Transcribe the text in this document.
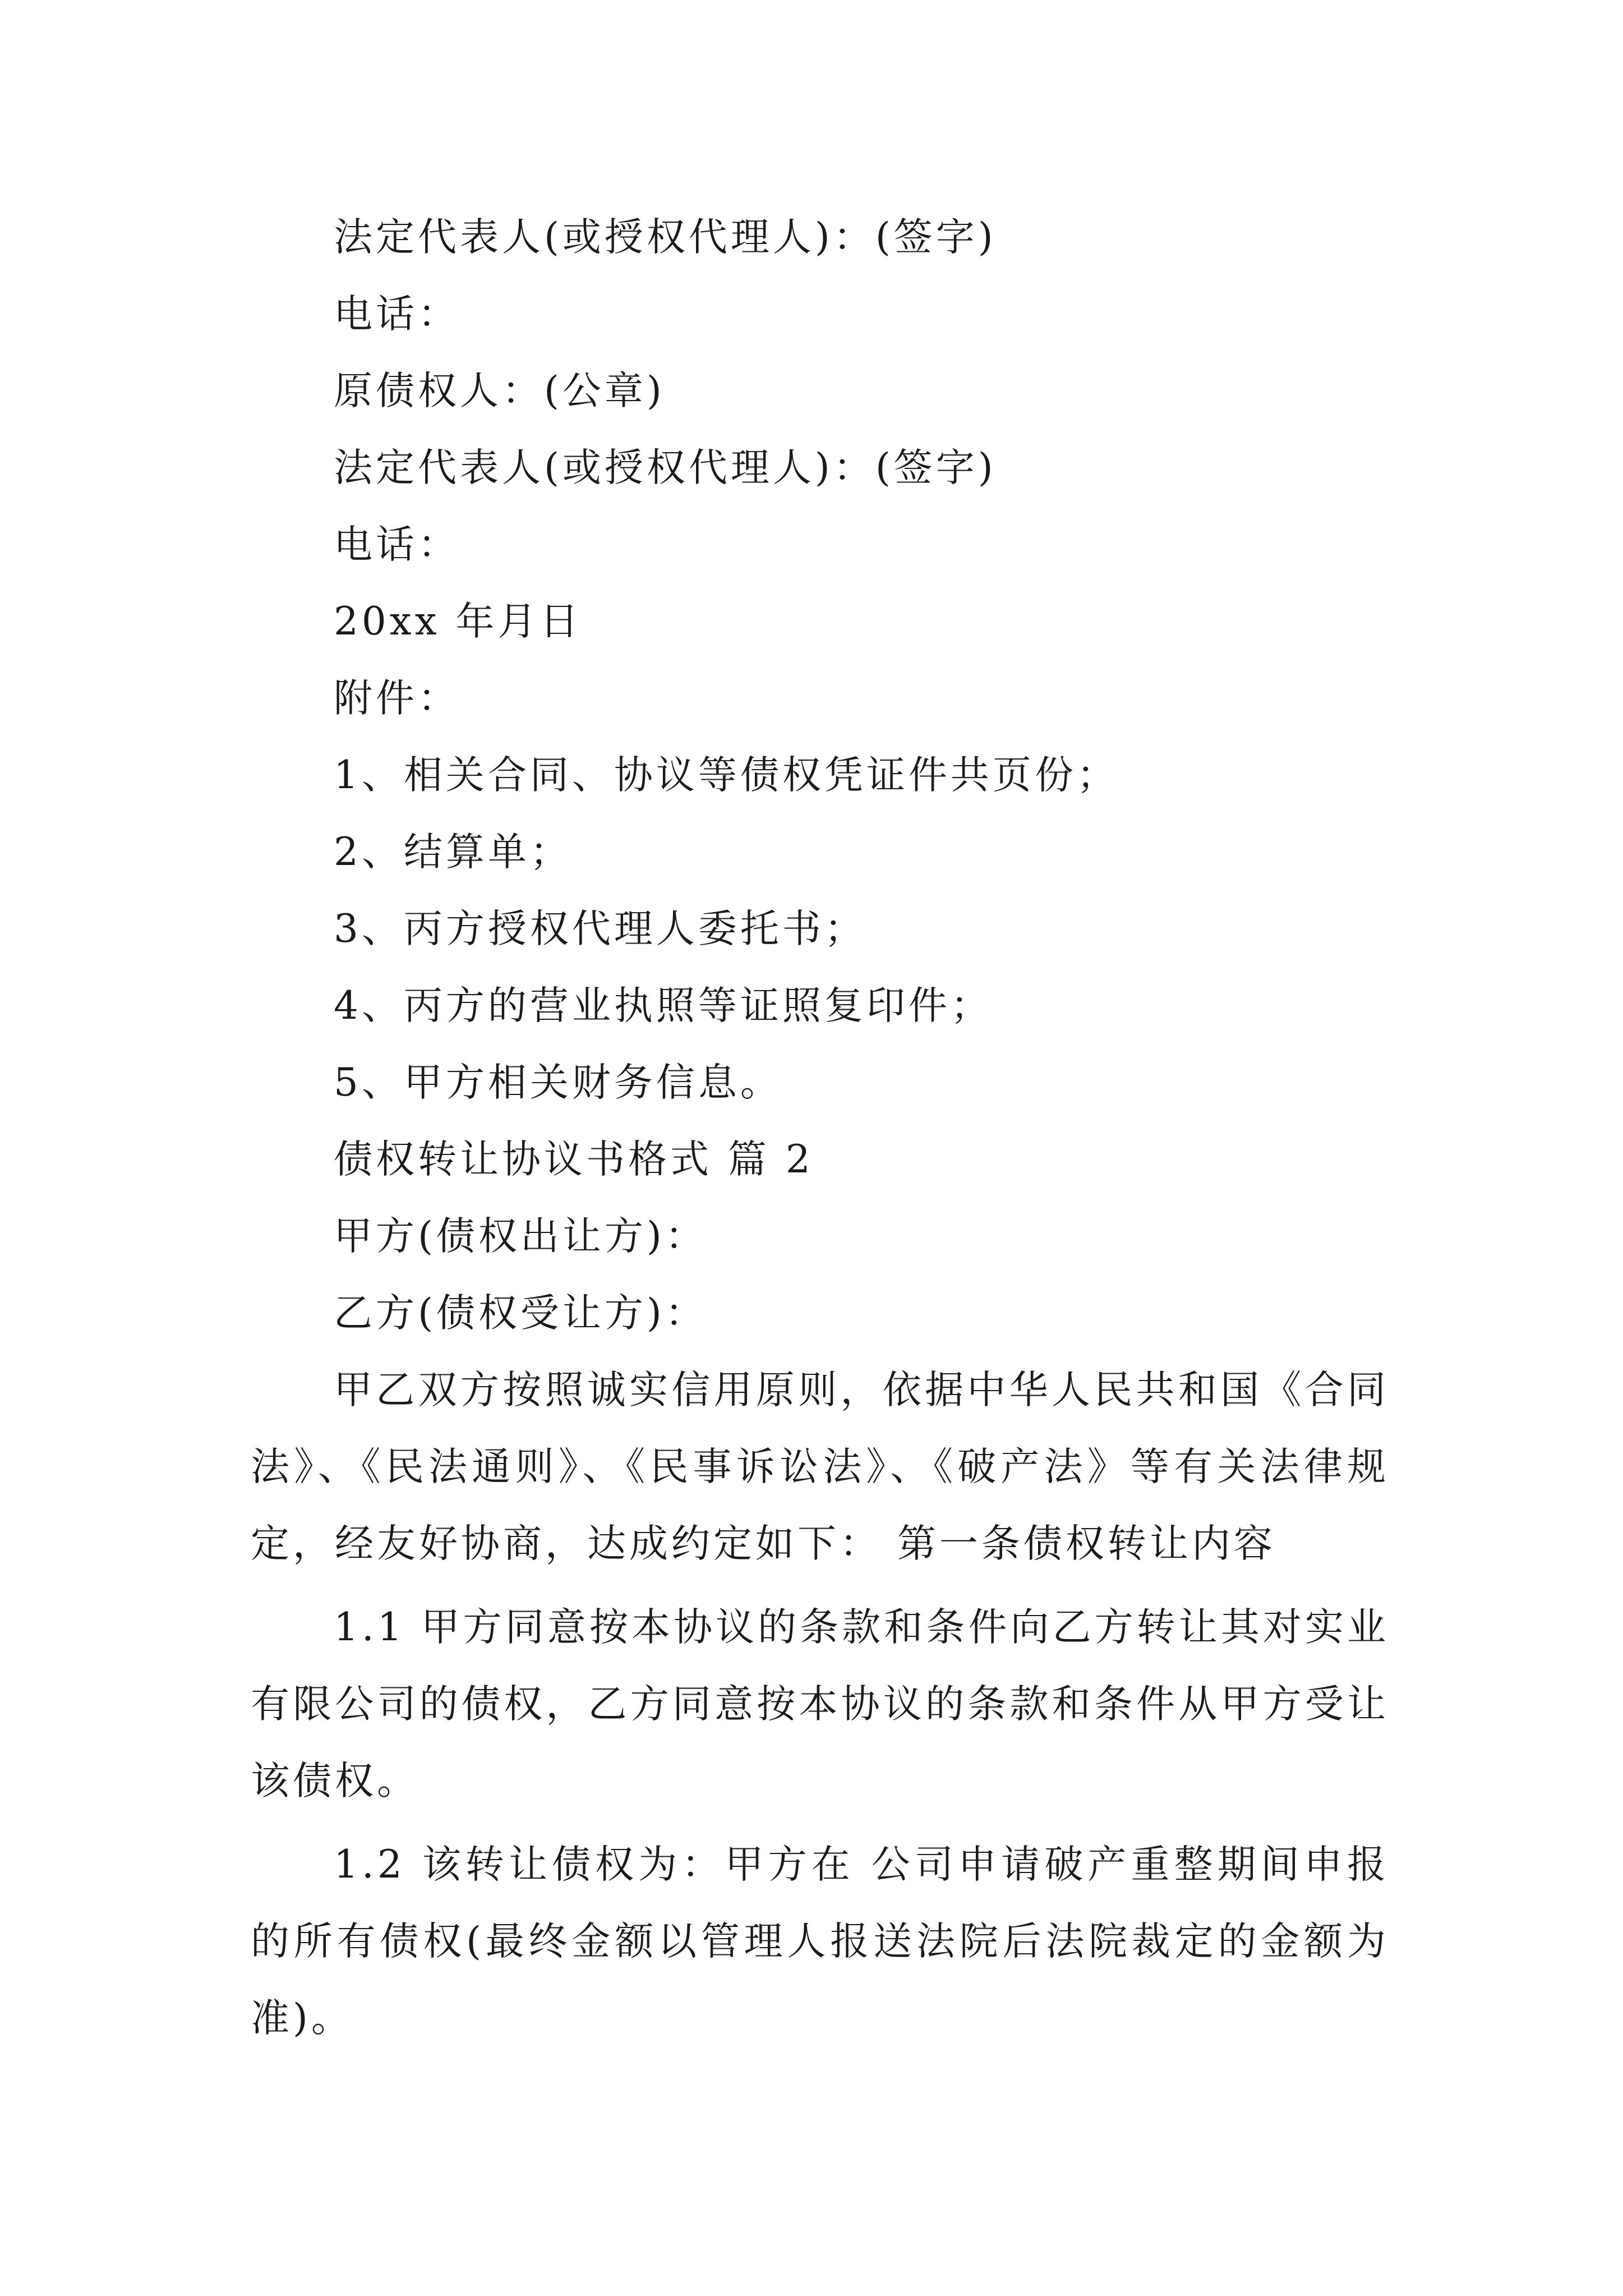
法定代表人(或授权代理人)：(签字)

电话：

原债权人：(公章)

法定代表人(或授权代理人)：(签字)

电话：

20xx 年月日

附件：

1、相关合同、协议等债权凭证件共页份；

2、结算单；

3、丙方授权代理人委托书；

4、丙方的营业执照等证照复印件；

5、甲方相关财务信息。

债权转让协议书格式 篇 2

甲方(债权出让方)：

乙方(债权受让方)：

甲乙双方按照诚实信用原则，依据中华人民共和国《合同法》、《民法通则》、《民事诉讼法》、《破产法》等有关法律规定，经友好协商，达成约定如下： 第一条债权转让内容

1.1 甲方同意按本协议的条款和条件向乙方转让其对实业有限公司的债权，乙方同意按本协议的条款和条件从甲方受让该债权。

1.2 该转让债权为：甲方在 公司申请破产重整期间申报的所有债权(最终金额以管理人报送法院后法院裁定的金额为准)。
